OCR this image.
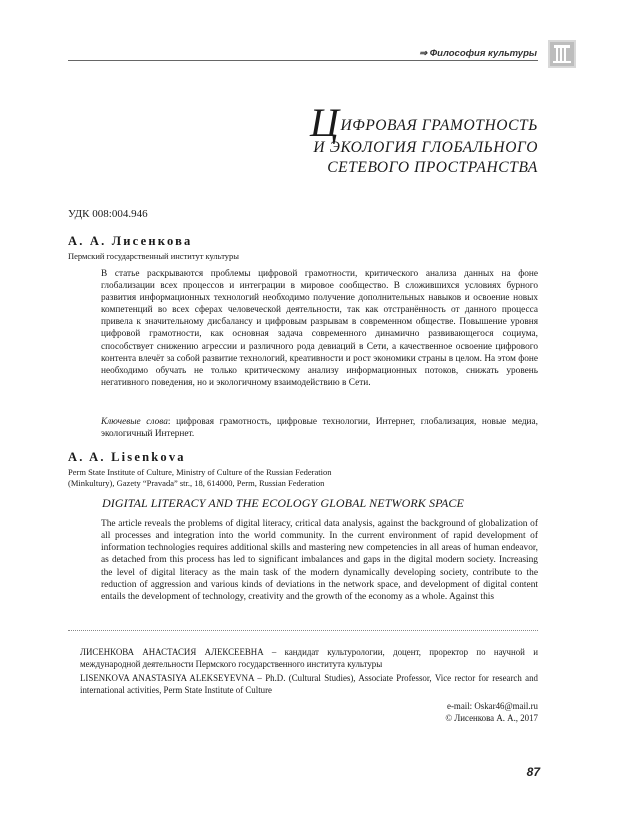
⇒ Философия культуры
ЦИФРОВАЯ ГРАМОТНОСТЬ
И ЭКОЛОГИЯ ГЛОБАЛЬНОГО
СЕТЕВОГО ПРОСТРАНСТВА
УДК 008:004.946
А. А. Лисенкова
Пермский государственный институт культуры

В статье раскрываются проблемы цифровой грамотности, критического анализа данных на фоне глобализации всех процессов и интеграции в мировое сообщество. В сложившихся условиях бурного развития информационных технологий необходимо получение дополнительных навыков и освоение новых компетенций во всех сферах человеческой деятельности, так как отстранённость от данного процесса привела к значительному дисбалансу и цифровым разрывам в современном обществе. Повышение уровня цифровой грамотности, как основная задача современного динамично развивающегося социума, способствует снижению агрессии и различного рода девиаций в Сети, а качественное освоение цифрового контента влечёт за собой развитие технологий, креативности и рост экономики страны в целом. На этом фоне необходимо обучать не только критическому анализу информационных потоков, снижать уровень негативного поведения, но и экологичному взаимодействию в Сети.

Ключевые слова: цифровая грамотность, цифровые технологии, Интернет, глобализация, новые медиа, экологичный Интернет.

A. A. Lisenkova
Perm State Institute of Culture, Ministry of Culture of the Russian Federation
(Minkultury), Gazety “Pravada” str., 18, 614000, Perm, Russian Federation
DIGITAL LITERACY AND THE ECOLOGY GLOBAL NETWORK SPACE

The article reveals the problems of digital literacy, critical data analysis, against the background of globalization of all processes and integration into the world community. In the current environment of rapid development of information technologies requires additional skills and mastering new competencies in all areas of human endeavor, as detached from this process has led to significant imbalances and gaps in the digital modern society. Increasing the level of digital literacy as the main task of the modern dynamically developing society, contribute to the reduction of aggression and various kinds of deviations in the network space, and development of digital content entails the development of technology, creativity and the growth of the economy as a whole. Against this

ЛИСЕНКОВА АНАСТАСИЯ АЛЕКСЕЕВНА – кандидат культурологии, доцент, проректор по научной и международной деятельности Пермского государственного института культуры

LISENKOVA ANASTASIYA ALEKSEYEVNA – Ph.D. (Cultural Studies), Associate Professor, Vice rector for research and international activities, Perm State Institute of Culture

e-mail: Oskar46@mail.ru
© Лисенкова А. А., 2017
87
